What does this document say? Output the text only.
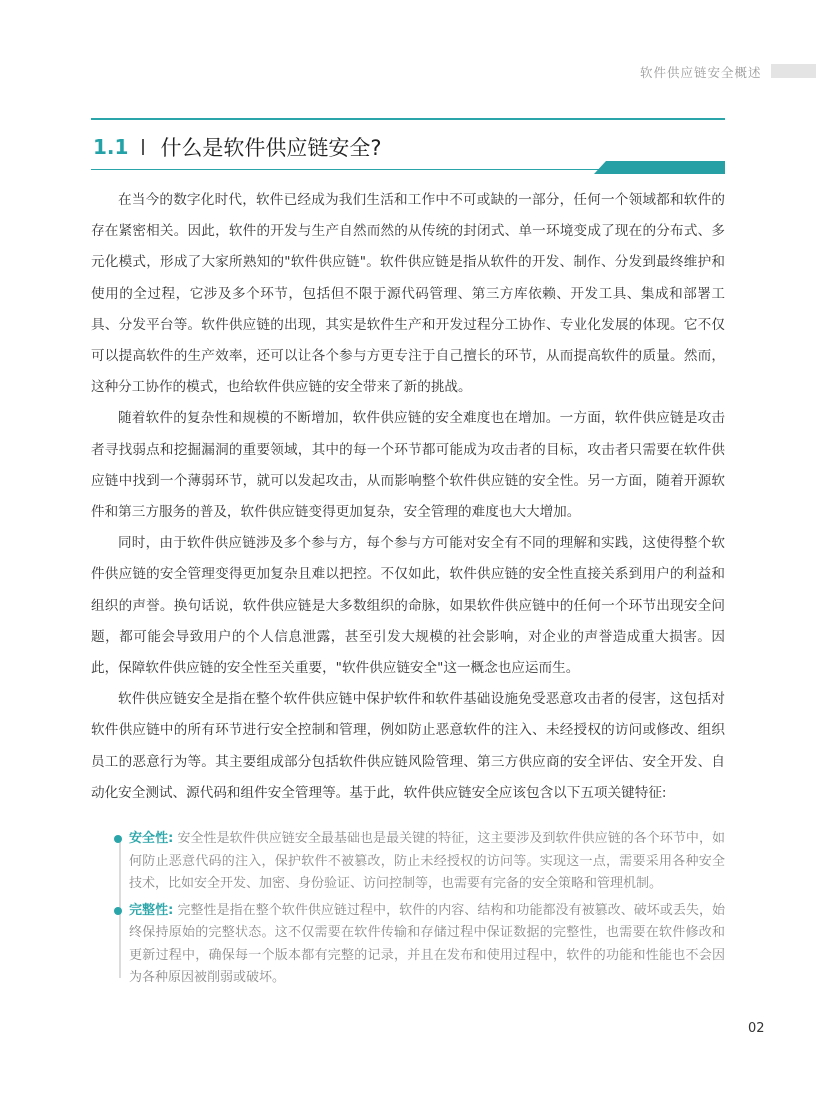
软件供应链安全概述
1.1 什么是软件供应链安全?

在当今的数字化时代，软件已经成为我们生活和工作中不可或缺的一部分，任何一个领域都和软件的存在紧密相关。因此，软件的开发与生产自然而然的从传统的封闭式、单一环境变成了现在的分布式、多元化模式，形成了大家所熟知的"软件供应链"。软件供应链是指从软件的开发、制作、分发到最终维护和使用的全过程，它涉及多个环节，包括但不限于源代码管理、第三方库依赖、开发工具、集成和部署工具、分发平台等。软件供应链的出现，其实是软件生产和开发过程分工协作、专业化发展的体现。它不仅可以提高软件的生产效率，还可以让各个参与方更专注于自己擅长的环节，从而提高软件的质量。然而，这种分工协作的模式，也给软件供应链的安全带来了新的挑战。

随着软件的复杂性和规模的不断增加，软件供应链的安全难度也在增加。一方面，软件供应链是攻击者寻找弱点和挖掘漏洞的重要领域，其中的每一个环节都可能成为攻击者的目标，攻击者只需要在软件供应链中找到一个薄弱环节，就可以发起攻击，从而影响整个软件供应链的安全性。另一方面，随着开源软件和第三方服务的普及，软件供应链变得更加复杂，安全管理的难度也大大增加。

同时，由于软件供应链涉及多个参与方，每个参与方可能对安全有不同的理解和实践，这使得整个软件供应链的安全管理变得更加复杂且难以把控。不仅如此，软件供应链的安全性直接关系到用户的利益和组织的声誉。换句话说，软件供应链是大多数组织的命脉，如果软件供应链中的任何一个环节出现安全问题，都可能会导致用户的个人信息泄露，甚至引发大规模的社会影响，对企业的声誉造成重大损害。因此，保障软件供应链的安全性至关重要，"软件供应链安全"这一概念也应运而生。

软件供应链安全是指在整个软件供应链中保护软件和软件基础设施免受恶意攻击者的侵害，这包括对软件供应链中的所有环节进行安全控制和管理，例如防止恶意软件的注入、未经授权的访问或修改、组织员工的恶意行为等。其主要组成部分包括软件供应链风险管理、第三方供应商的安全评估、安全开发、自动化安全测试、源代码和组件安全管理等。基于此，软件供应链安全应该包含以下五项关键特征:

安全性: 安全性是软件供应链安全最基础也是最关键的特征，这主要涉及到软件供应链的各个环节中，如何防止恶意代码的注入，保护软件不被篡改，防止未经授权的访问等。实现这一点，需要采用各种安全技术，比如安全开发、加密、身份验证、访问控制等，也需要有完备的安全策略和管理机制。
完整性: 完整性是指在整个软件供应链过程中，软件的内容、结构和功能都没有被篡改、破坏或丢失，始终保持原始的完整状态。这不仅需要在软件传输和存储过程中保证数据的完整性，也需要在软件修改和更新过程中，确保每一个版本都有完整的记录，并且在发布和使用过程中，软件的功能和性能也不会因为各种原因被削弱或破坏。
02
